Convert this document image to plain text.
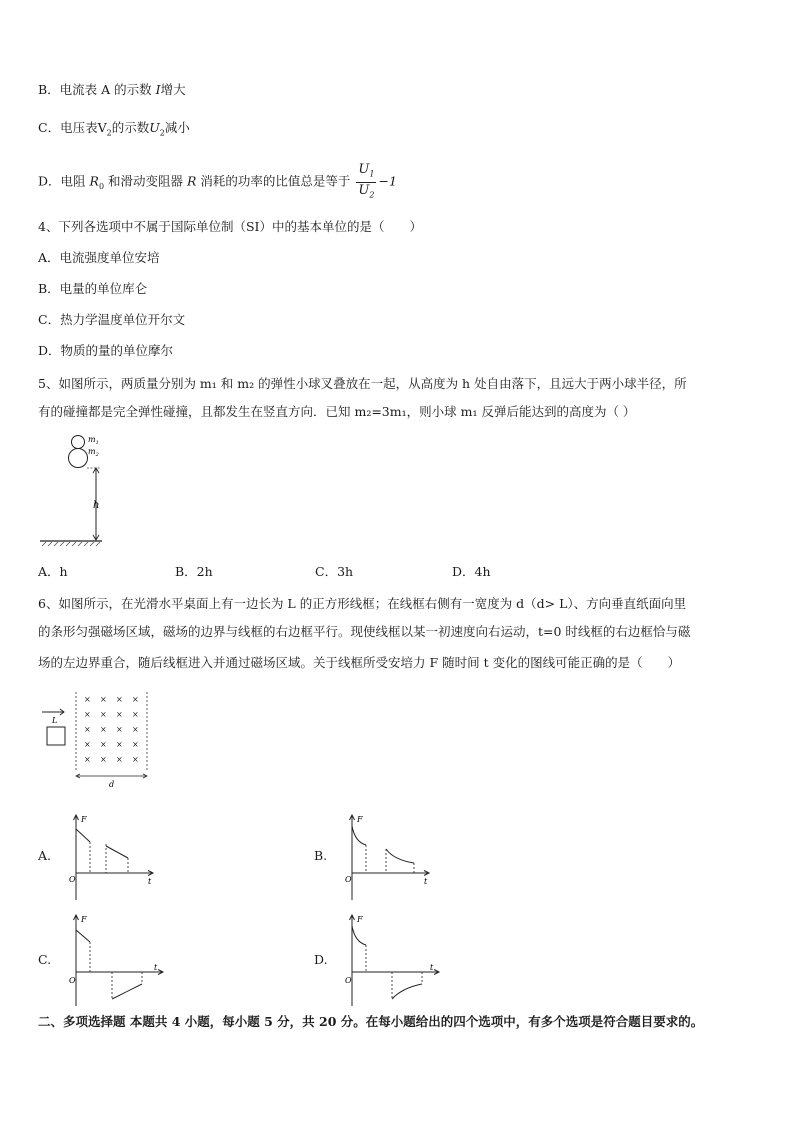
B．电流表 A 的示数 I增大
C．电压表$V_2$的示数$U_2$减小
D．电阻 $R_0$ 和滑动变阻器 R 消耗的功率的比值总是等于 $\frac{U_1}{U_2} -1$
4、下列各选项中不属于国际单位制（SI）中的基本单位的是（　　）
A．电流强度单位安培
B．电量的单位库仑
C．热力学温度单位开尔文
D．物质的量的单位摩尔
5、如图所示，两质量分别为 m₁ 和 m₂ 的弹性小球叉叠放在一起，从高度为 h 处自由落下，且远大于两小球半径，所
有的碰撞都是完全弹性碰撞，且都发生在竖直方向．已知 m₂=3m₁，则小球 m₁ 反弹后能达到的高度为（ ）
$m_1$
$m_2$
h
A．h	B．2h	C．3h	D．4h
6、如图所示，在光滑水平桌面上有一边长为 L 的正方形线框；在线框右侧有一宽度为 d（d> L）、方向垂直纸面向里
的条形匀强磁场区域，磁场的边界与线框的右边框平行。现使线框以某一初速度向右运动，t=0 时线框的右边框恰与磁
场的左边界重合，随后线框进入并通过磁场区域。关于线框所受安培力 F 随时间 t 变化的图线可能正确的是（　　）
L
× × × ×
× × × ×
× × × ×
× × × ×
× × × ×
d
A.	B.
C.	D.
F
O	t
F
O	t
F
O
t
F
O
t
二、多项选择题 本题共 4 小题，每小题 5 分，共 20 分。在每小题给出的四个选项中，有多个选项是符合题目要求的。
